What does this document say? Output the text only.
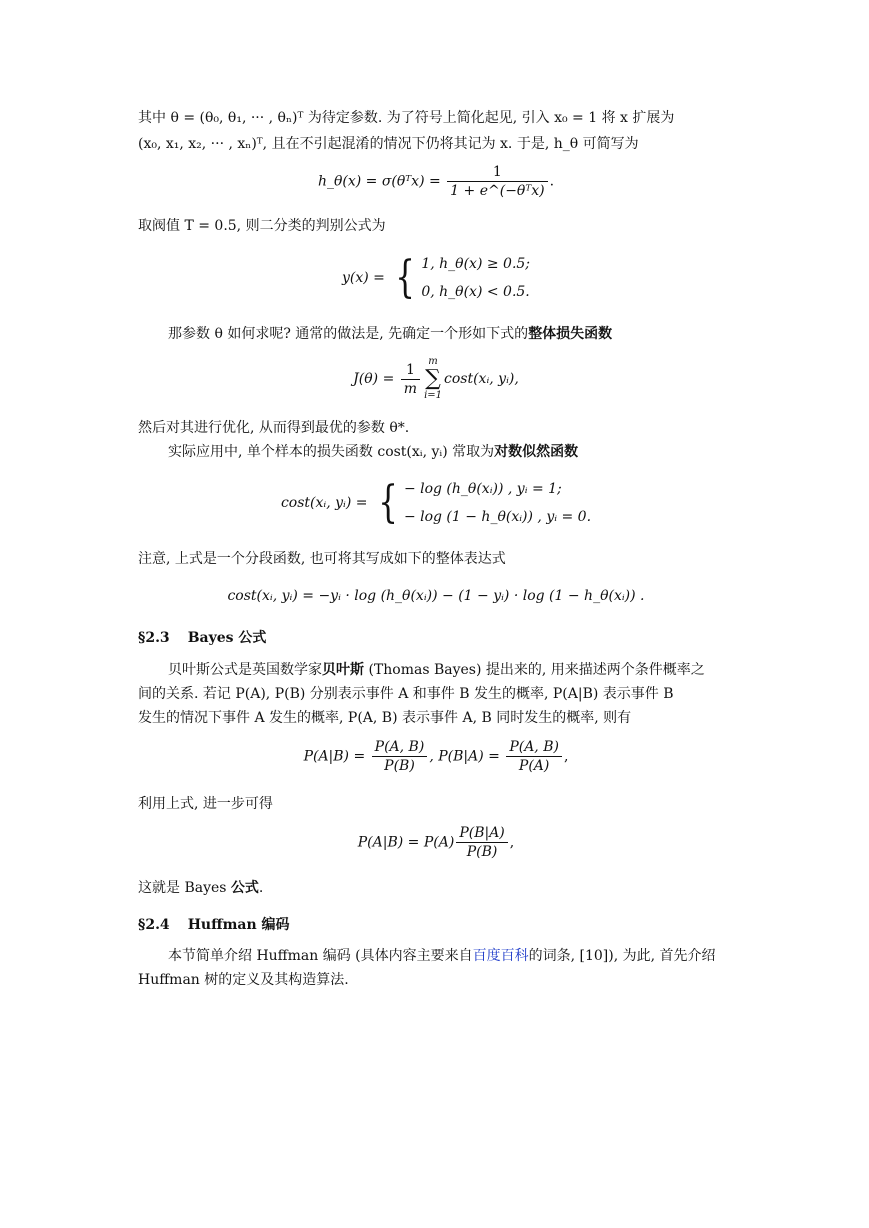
其中 θ = (θ₀, θ₁, ··· , θₙ)ᵀ 为待定参数. 为了符号上简化起见, 引入 x₀ = 1 将 x 扩展为
(x₀, x₁, x₂, ··· , xₙ)ᵀ, 且在不引起混淆的情况下仍将其记为 x. 于是, h_θ 可简写为
h_θ(x) = σ(θᵀx) = $\frac{1}{\text{1 + e\textasciicircum{}(−θᵀx)}}$ .
取阀值 T = 0.5, 则二分类的判别公式为
y(x) = { 1, h_θ(x) ≥ 0.5;
0, h_θ(x) < 0.5.
那参数 θ 如何求呢? 通常的做法是, 先确定一个形如下式的整体损失函数
$J(\theta) = \frac{1}{m}$ m
∑
i=1
cost(xᵢ, yᵢ),
然后对其进行优化, 从而得到最优的参数 θ*.
实际应用中, 单个样本的损失函数 cost(xᵢ, yᵢ) 常取为对数似然函数
cost(xᵢ, yᵢ) = { − log (h_θ(xᵢ)) , yᵢ = 1;
− log (1 − h_θ(xᵢ)) , yᵢ = 0.
注意, 上式是一个分段函数, 也可将其写成如下的整体表达式
cost(xᵢ, yᵢ) = −yᵢ · log (h_θ(xᵢ)) − (1 − yᵢ) · log (1 − h_θ(xᵢ)) .
§2.3 Bayes 公式
贝叶斯公式是英国数学家贝叶斯 (Thomas Bayes) 提出来的, 用来描述两个条件概率之
间的关系. 若记 P(A), P(B) 分别表示事件 A 和事件 B 发生的概率, P(A|B) 表示事件 B
发生的情况下事件 A 发生的概率, P(A, B) 表示事件 A, B 同时发生的概率, 则有
$P(A|B) = \frac{P(A, B)}{P(B)}$ , $P(B|A) = \frac{P(A, B)}{P(A)}$ ,
利用上式, 进一步可得
$P(A|B) = P(A) \frac{P(B|A)}{P(B)}$ ,
这就是 Bayes 公式.
§2.4 Huffman 编码
本节简单介绍 Huffman 编码 (具体内容主要来自百度百科的词条, [10]), 为此, 首先介绍
Huffman 树的定义及其构造算法.
